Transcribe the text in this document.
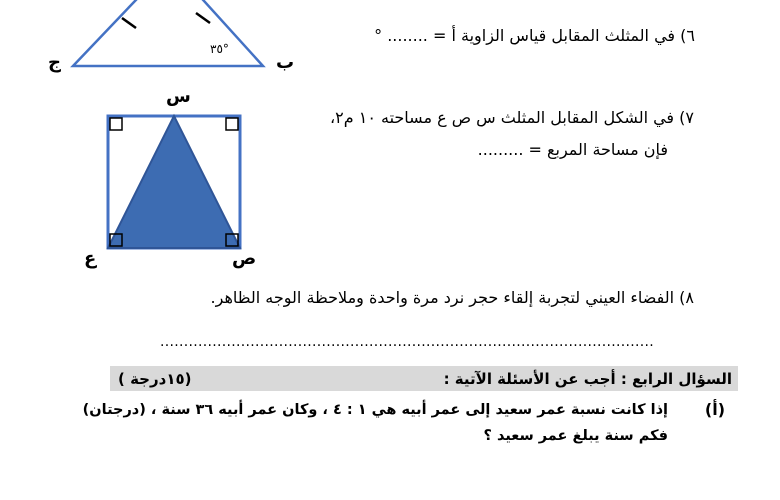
٣٥°
ب
ج
٦) في المثلث المقابل قياس الزاوية أ = ........ °
س
ع	ص
٧) في الشكل المقابل المثلث س ص ع مساحته ١٠ م٢،
فإن مساحة المربع = .........
٨) الفضاء العيني لتجربة إلقاء حجر نرد مرة واحدة وملاحظة الوجه الظاهر.
........................................................................................................
السؤال الرابع : أجب عن الأسئلة الآتية :
(١٥درجة )
(أ)
إذا كانت نسبة عمر سعيد إلى عمر أبيه هي ١ : ٤ ، وكان عمر أبيه ٣٦ سنة ، (درجتان)
فكم سنة يبلغ عمر سعيد ؟
